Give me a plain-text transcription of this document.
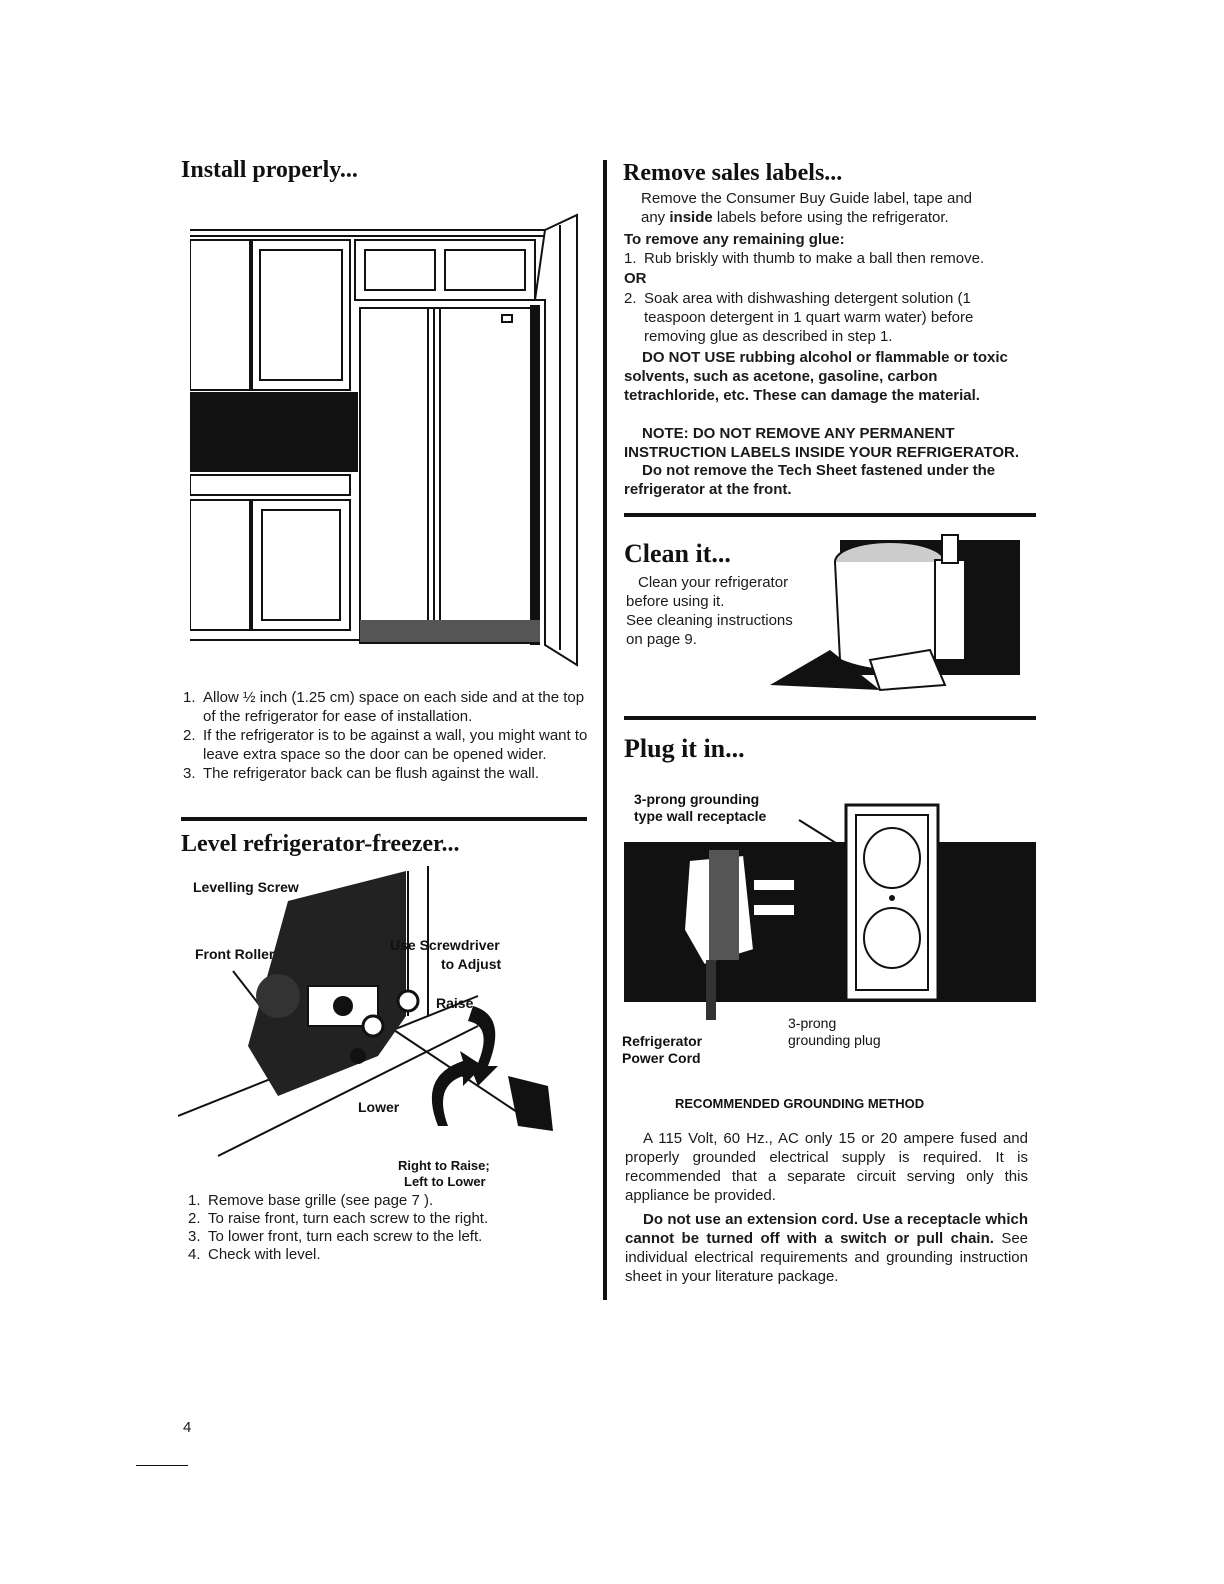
Install properly...
1. Allow ½ inch (1.25 cm) space on each side and at the top of the refrigerator for ease of installation.
2. If the refrigerator is to be against a wall, you might want to leave extra space so the door can be opened wider.
3. The refrigerator back can be flush against the wall.
Level refrigerator-freezer...
Levelling Screw
Front Roller
Use Screwdriver
to Adjust
Raise
Lower
Right to Raise;
Left to Lower
1. Remove base grille (see page 7 ).
2. To raise front, turn each screw to the right.
3. To lower front, turn each screw to the left.
4. Check with level.
4
Remove sales labels...
Remove the Consumer Buy Guide label, tape and
any inside labels before using the refrigerator.
To remove any remaining glue:
1. Rub briskly with thumb to make a ball then remove.
OR
2. Soak area with dishwashing detergent solution (1 teaspoon detergent in 1 quart warm water) before removing glue as described in step 1.
DO NOT USE rubbing alcohol or flammable or toxic solvents, such as acetone, gasoline, carbon tetrachloride, etc. These can damage the material.
NOTE: DO NOT REMOVE ANY PERMANENT INSTRUCTION LABELS INSIDE YOUR REFRIGERATOR.
Do not remove the Tech Sheet fastened under the refrigerator at the front.
Clean it...
Clean your refrigerator
before using it.
See cleaning instructions
on page 9.
Plug it in...
3-prong grounding
type wall receptacle
Refrigerator
Power Cord
3-prong
grounding plug
RECOMMENDED GROUNDING METHOD
A 115 Volt, 60 Hz., AC only 15 or 20 ampere fused and properly grounded electrical supply is required. It is recommended that a separate circuit serving only this appliance be provided.
Do not use an extension cord. Use a receptacle which cannot be turned off with a switch or pull chain. See individual electrical requirements and grounding instruction sheet in your literature package.
